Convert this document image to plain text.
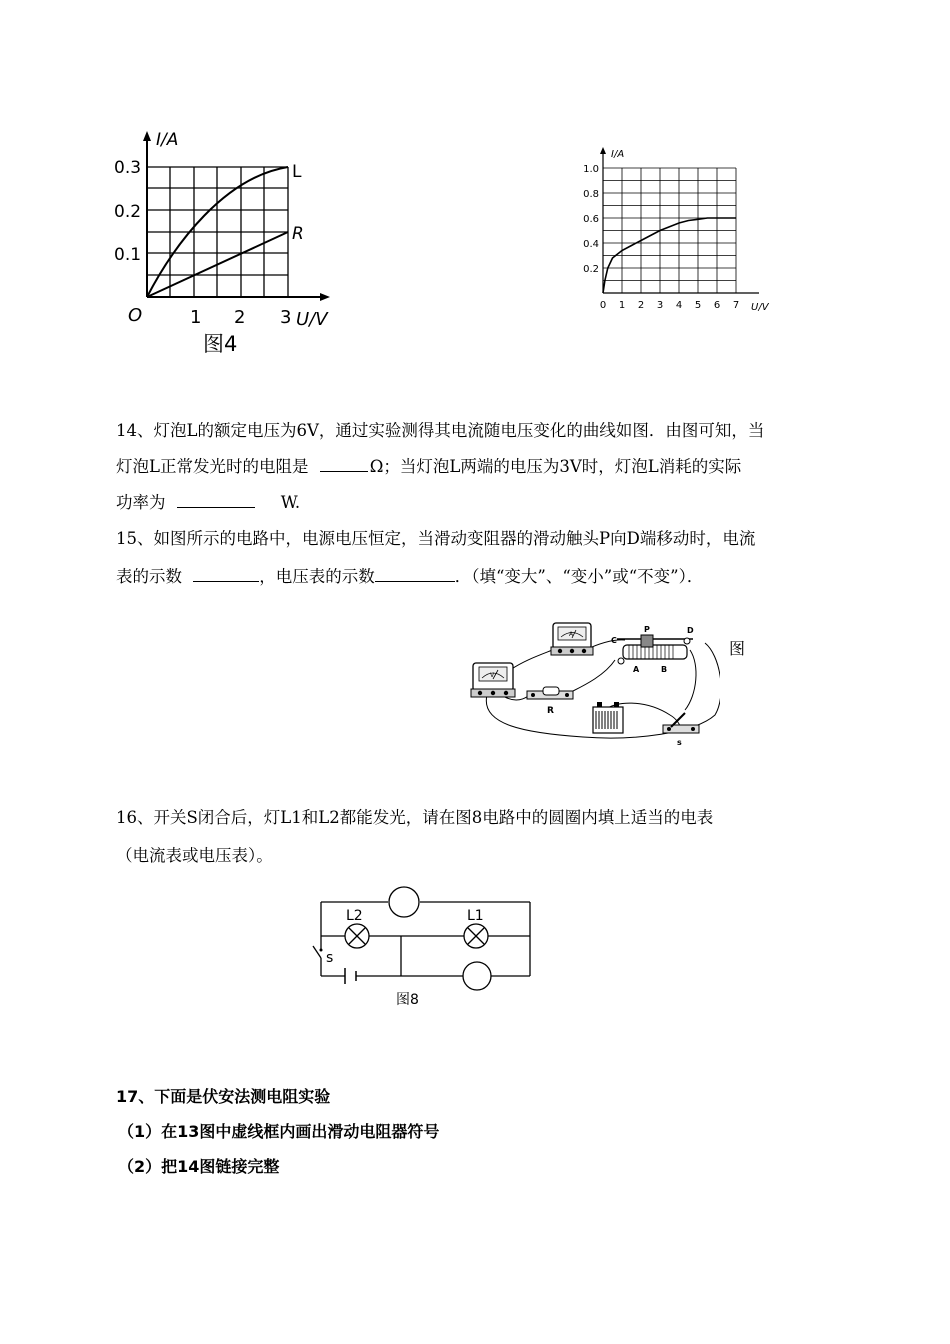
I/A
0.3
0.2
0.1
O	1 2 3 U/V
L
R
图4
0 1 2 3 4 5 6 7
0.2
0.4
0.6
0.8
1.0
I/A
U/V
14、灯泡L的额定电压为6V，通过实验测得其电流随电压变化的曲线如图．由图可知，当
灯泡L正常发光时的电阻是	Ω；当灯泡L两端的电压为3V时，灯泡L消耗的实际
功率为	W.
15、如图所示的电路中，电源电压恒定，当滑动变阻器的滑动触头P向D端移动时，电流
表的示数	，电压表的示数	．（填“变大”、“变小”或“不变”）．
V
A
C
P	D
A	B
R
s
图
16、开关S闭合后，灯L1和L2都能发光，请在图8电路中的圆圈内填上适当的电表
（电流表或电压表）。
L2	L1
s
图8
17、下面是伏安法测电阻实验
（1）在13图中虚线框内画出滑动电阻器符号
（2）把14图链接完整
